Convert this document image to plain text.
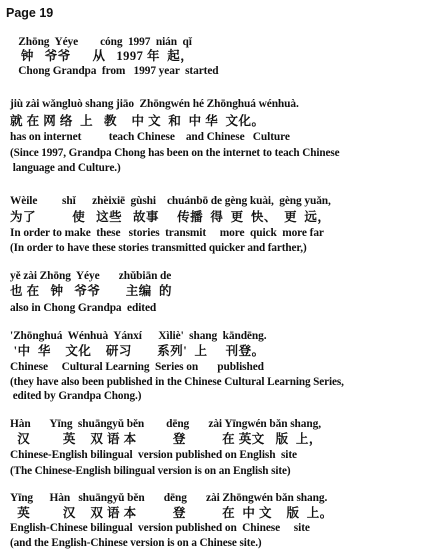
Page 19
Zhōng  Yéye        cóng  1997  nián  qǐ
钟   爷爷      从   1997 年  起，
Chong Grandpa  from   1997 year  started
jiù zài wǎngluò shang jiāo  Zhōngwén hé Zhōnghuá wénhuà.
就 在 网 络  上   教    中 文  和  中 华  文化。
has on internet          teach Chinese    and Chinese   Culture
(Since 1997, Grandpa Chong has been on the internet to teach Chinese
language and Culture.)
Wèile         shǐ      zhèixiē  gùshi    chuánbō de gèng kuài,  gèng yuǎn,
为了          使   这些   故事     传播  得  更  快、  更  远，
In order to make  these   stories  transmit     more  quick  more far
(In order to have these stories transmitted quicker and farther,)
yě zài Zhōng  Yéye       zhǔbiān de
也 在   钟   爷爷       主编  的
also in Chong Grandpa  edited
'Zhōnghuá  Wénhuà  Yánxí      Xìliè'  shang  kāndēng.
'中  华    文化    研习       系列'  上     刊登。
Chinese     Cultural Learning  Series on       published
(they have also been published in the Chinese Cultural Learning Series,
edited by Grandpa Chong.)
Hàn       Yīng  shuāngyǔ běn        dēng       zài Yīngwén bǎn shang,
汉         英    双 语 本          登          在 英文   版  上，
Chinese-English bilingual  version published on English  site
(The Chinese-English bilingual version is on an English site)
Yīng      Hàn   shuāngyǔ běn       dēng       zài Zhōngwén bǎn shang.
英         汉    双 语 本          登          在  中 文    版  上。
English-Chinese bilingual  version published on  Chinese     site
(and the English-Chinese version is on a Chinese site.)
